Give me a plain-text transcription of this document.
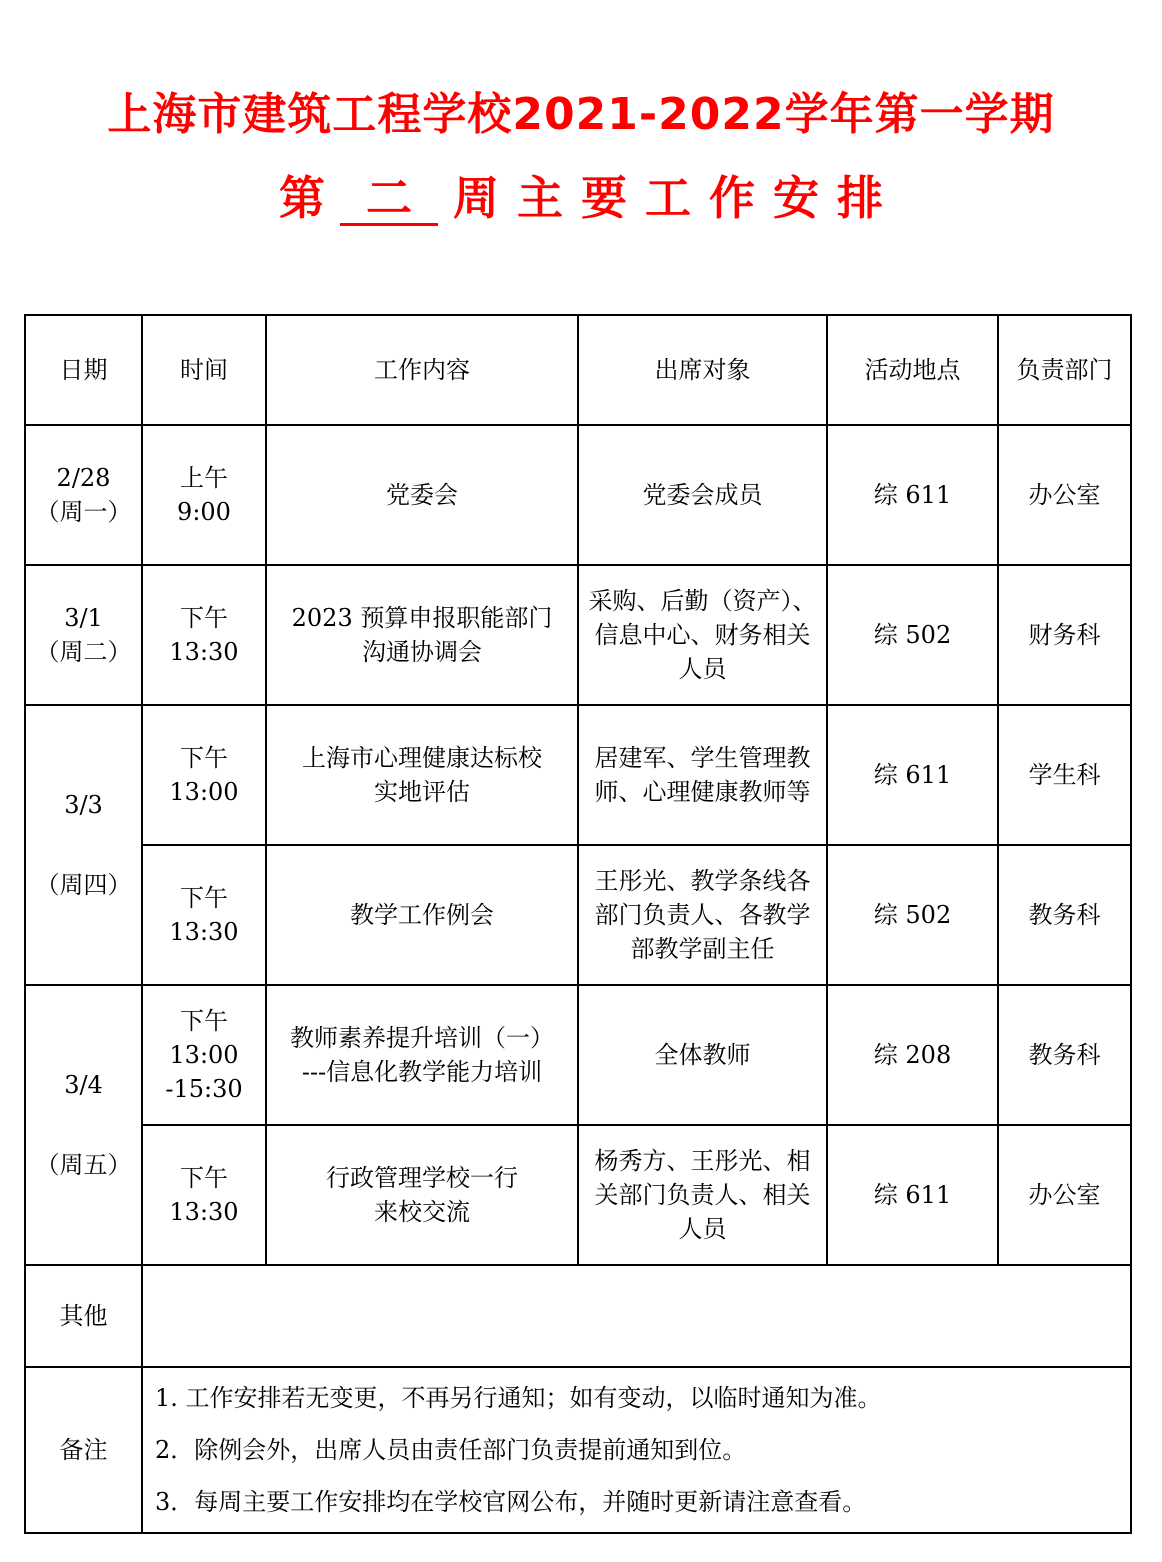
上海市建筑工程学校2021-2022学年第一学期
第 二 周 主 要 工 作 安 排
日期	时间	工作内容	出席对象	活动地点	负责部门

2/28
（周一）	上午
9:00	党委会	党委会成员	综 611	办公室

3/1
（周二）	下午
13:30	2023 预算申报职能部门
沟通协调会	采购、后勤（资产）、
信息中心、财务相关
人员	综 502	财务科

3/3
（周四）	下午
13:00	上海市心理健康达标校
实地评估	居建军、学生管理教
师、心理健康教师等	综 611	学生科

	下午
13:30	教学工作例会	王彤光、教学条线各
部门负责人、各教学
部教学副主任	综 502	教务科

3/4
（周五）	下午
13:00
-15:30	教师素养提升培训（一）
---信息化教学能力培训	全体教师	综 208	教务科

	下午
13:30	行政管理学校一行
来校交流	杨秀方、王彤光、相
关部门负责人、相关
人员	综 611	办公室
其他					
备注	1. 工作安排若无变更，不再另行通知；如有变动，以临时通知为准。
2．除例会外，出席人员由责任部门负责提前通知到位。
3．每周主要工作安排均在学校官网公布，并随时更新请注意查看。				
